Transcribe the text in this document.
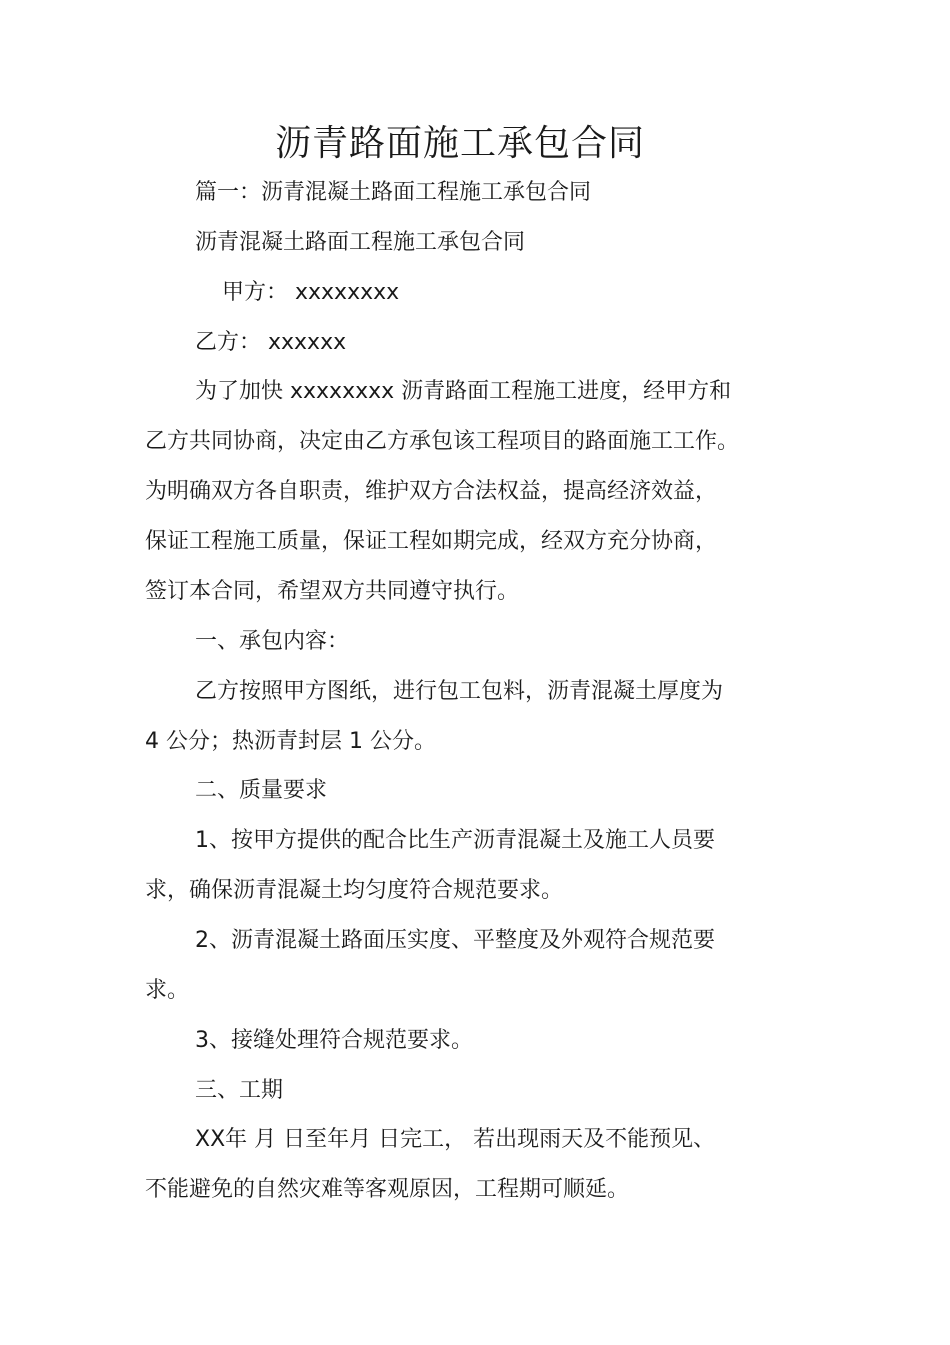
沥青路面施工承包合同
篇一：沥青混凝土路面工程施工承包合同
沥青混凝土路面工程施工承包合同
甲方： xxxxxxxx
乙方： xxxxxx
为了加快 xxxxxxxx 沥青路面工程施工进度，经甲方和
乙方共同协商，决定由乙方承包该工程项目的路面施工工作。
为明确双方各自职责，维护双方合法权益，提高经济效益，
保证工程施工质量，保证工程如期完成，经双方充分协商，
签订本合同，希望双方共同遵守执行。
一、承包内容：
乙方按照甲方图纸，进行包工包料，沥青混凝土厚度为
4 公分；热沥青封层 1 公分。
二、质量要求
1、按甲方提供的配合比生产沥青混凝土及施工人员要
求，确保沥青混凝土均匀度符合规范要求。
2、沥青混凝土路面压实度、平整度及外观符合规范要
求。
3、接缝处理符合规范要求。
三、工期
XX年 月 日至年月 日完工， 若出现雨天及不能预见、
不能避免的自然灾难等客观原因，工程期可顺延。
